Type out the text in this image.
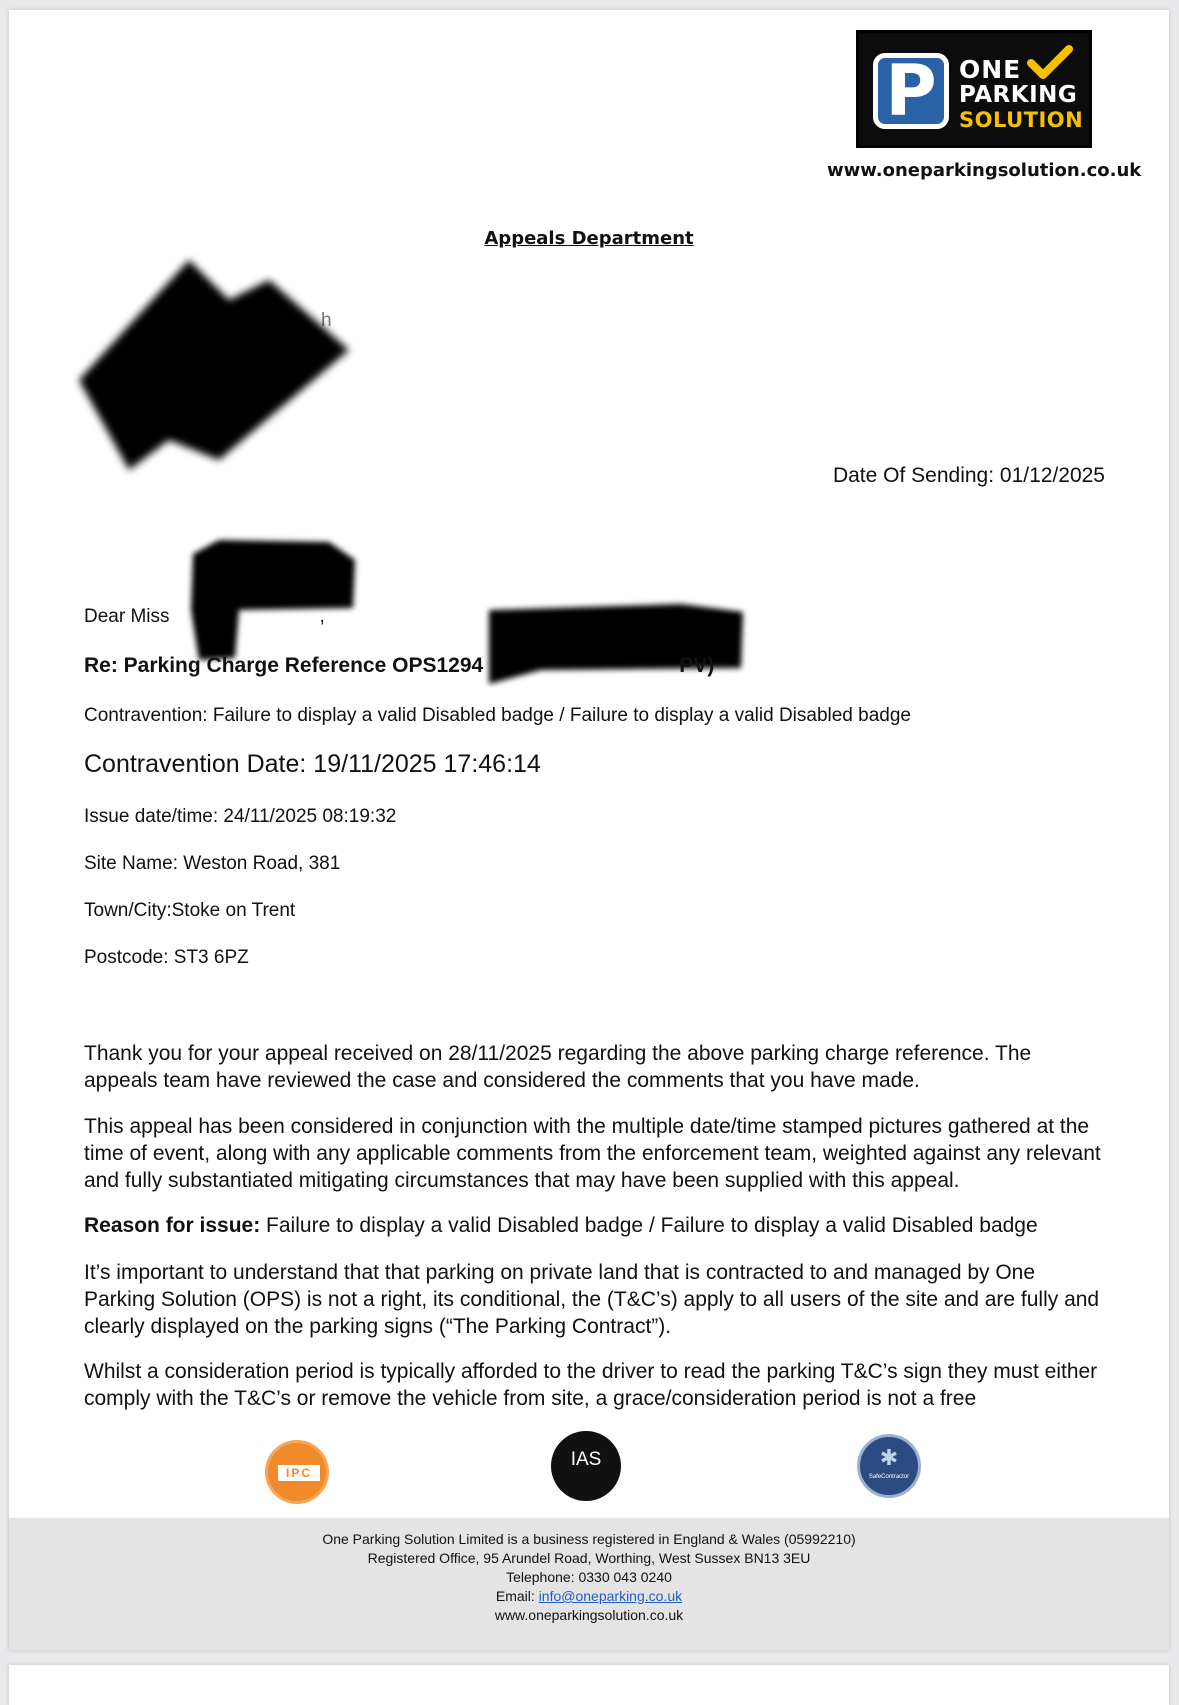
P ONE
PARKING
SOLUTION
www.oneparkingsolution.co.uk
Appeals Department
h
Date Of Sending: 01/12/2025
Dear Miss	,
Re: Parking Charge Reference OPS1294	PV)
Contravention: Failure to display a valid Disabled badge / Failure to display a valid Disabled badge
Contravention Date: 19/11/2025 17:46:14
Issue date/time: 24/11/2025 08:19:32
Site Name: Weston Road, 381
Town/City:Stoke on Trent
Postcode: ST3 6PZ
Thank you for your appeal received on 28/11/2025 regarding the above parking charge reference. The appeals team have reviewed the case and considered the comments that you have made.
This appeal has been considered in conjunction with the multiple date/time stamped pictures gathered at the time of event, along with any applicable comments from the enforcement team, weighted against any relevant and fully substantiated mitigating circumstances that may have been supplied with this appeal.
Reason for issue: Failure to display a valid Disabled badge / Failure to display a valid Disabled badge
It’s important to understand that that parking on private land that is contracted to and managed by One Parking Solution (OPS) is not a right, its conditional, the (T&C’s) apply to all users of the site and are fully and clearly displayed on the parking signs (“The Parking Contract”).
Whilst a consideration period is typically afforded to the driver to read the parking T&C’s sign they must either comply with the T&C’s or remove the vehicle from site, a grace/consideration period is not a free
IPC
IAS	✱
SafeContractor
One Parking Solution Limited is a business registered in England & Wales (05992210)
Registered Office, 95 Arundel Road, Worthing, West Sussex BN13 3EU
Telephone: 0330 043 0240
Email: info@oneparking.co.uk
www.oneparkingsolution.co.uk
